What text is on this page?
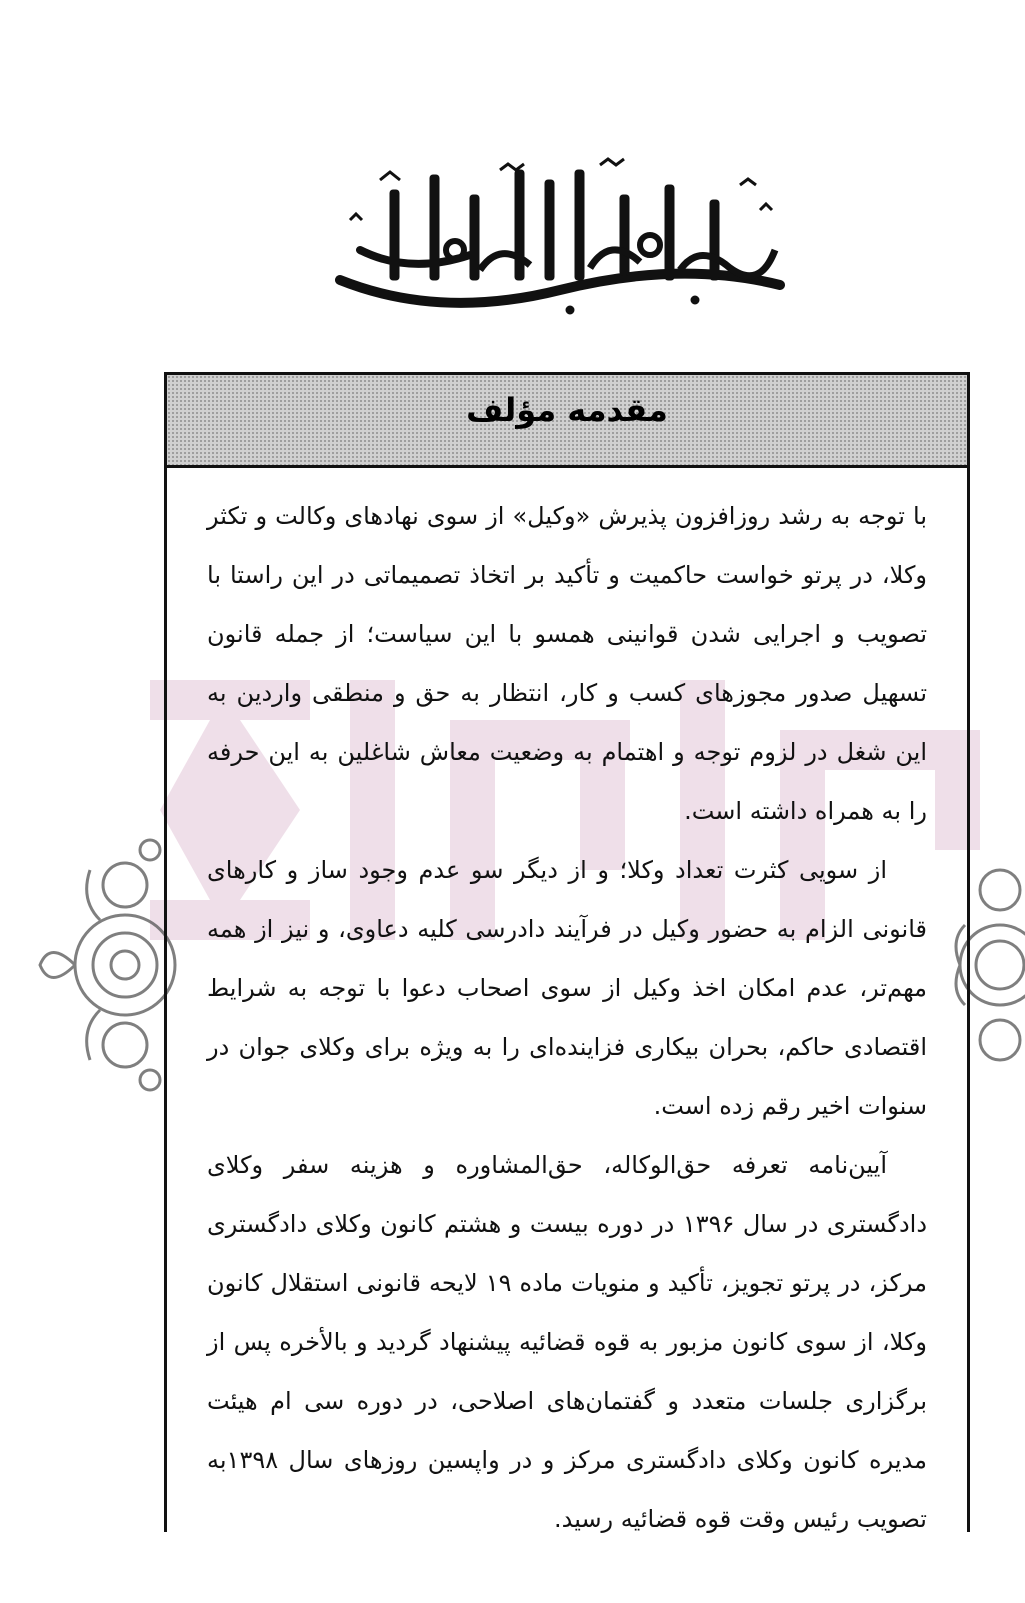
مقدمه مؤلف

با توجه به رشد روزافزون پذیرش «وکیل» از سوی نهادهای وکالت و تکثر وکلا، در پرتو خواست حاکمیت و تأکید بر اتخاذ تصمیماتی در این راستا با تصویب و اجرایی شدن قوانینی همسو با این سیاست؛ از جمله قانون تسهیل صدور مجوزهای کسب و کار، انتظار به حق و منطقی واردین به این شغل در لزوم توجه و اهتمام به وضعیت معاش شاغلین به این حرفه را به همراه داشته است.

از سویی کثرت تعداد وکلا؛ و از دیگر سو عدم وجود ساز و کارهای قانونی الزام به حضور وکیل در فرآیند دادرسی کلیه دعاوی، و نیز از همه مهم‌تر، عدم امکان اخذ وکیل از سوی اصحاب دعوا با توجه به شرایط اقتصادی حاکم، بحران بیکاری فزاینده‌ای را به ویژه برای وکلای جوان در سنوات اخیر رقم زده است.

آیین‌نامه تعرفه حق‌الوکاله، حق‌المشاوره و هزینه سفر وکلای دادگستری در سال ۱۳۹۶ در دوره بیست و هشتم کانون وکلای دادگستری مرکز، در پرتو تجویز، تأکید و منویات ماده ۱۹ لایحه قانونی استقلال کانون وکلا، از سوی کانون مزبور به قوه قضائیه پیشنهاد گردید و بالأخره پس از برگزاری جلسات متعدد و گفتمان‌های اصلاحی، در دوره سی ام هیئت مدیره کانون وکلای دادگستری مرکز و در واپسین روزهای سال ۱۳۹۸به تصویب رئیس وقت قوه قضائیه رسید.
